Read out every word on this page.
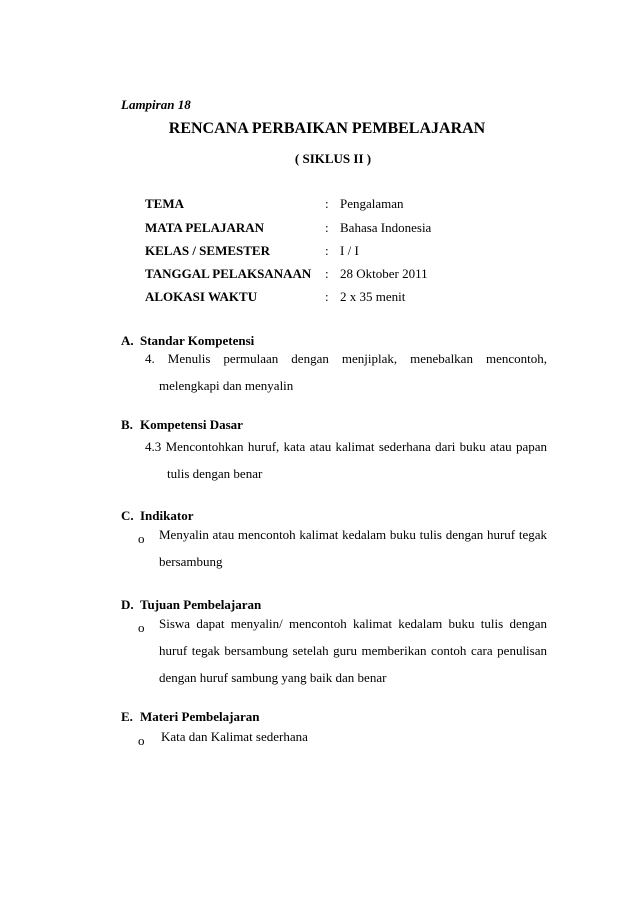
Lampiran 18
RENCANA PERBAIKAN PEMBELAJARAN
( SIKLUS II )
TEMA	: Pengalaman
MATA PELAJARAN	: Bahasa Indonesia
KELAS / SEMESTER	: I / I
TANGGAL PELAKSANAAN : 28 Oktober 2011
ALOKASI WAKTU	: 2 x 35 menit
A. Standar Kompetensi
4. Menulis permulaan dengan menjiplak, menebalkan mencontoh,
melengkapi dan menyalin
B. Kompetensi Dasar
4.3 Mencontohkan huruf, kata atau kalimat sederhana dari buku atau papan
tulis dengan benar
C. Indikator
o Menyalin atau mencontoh kalimat kedalam buku tulis dengan huruf tegak
bersambung
D. Tujuan Pembelajaran
o Siswa dapat menyalin/ mencontoh kalimat kedalam buku tulis dengan
huruf tegak bersambung setelah guru memberikan contoh cara penulisan
dengan huruf sambung yang baik dan benar
E. Materi Pembelajaran
o Kata dan Kalimat sederhana
